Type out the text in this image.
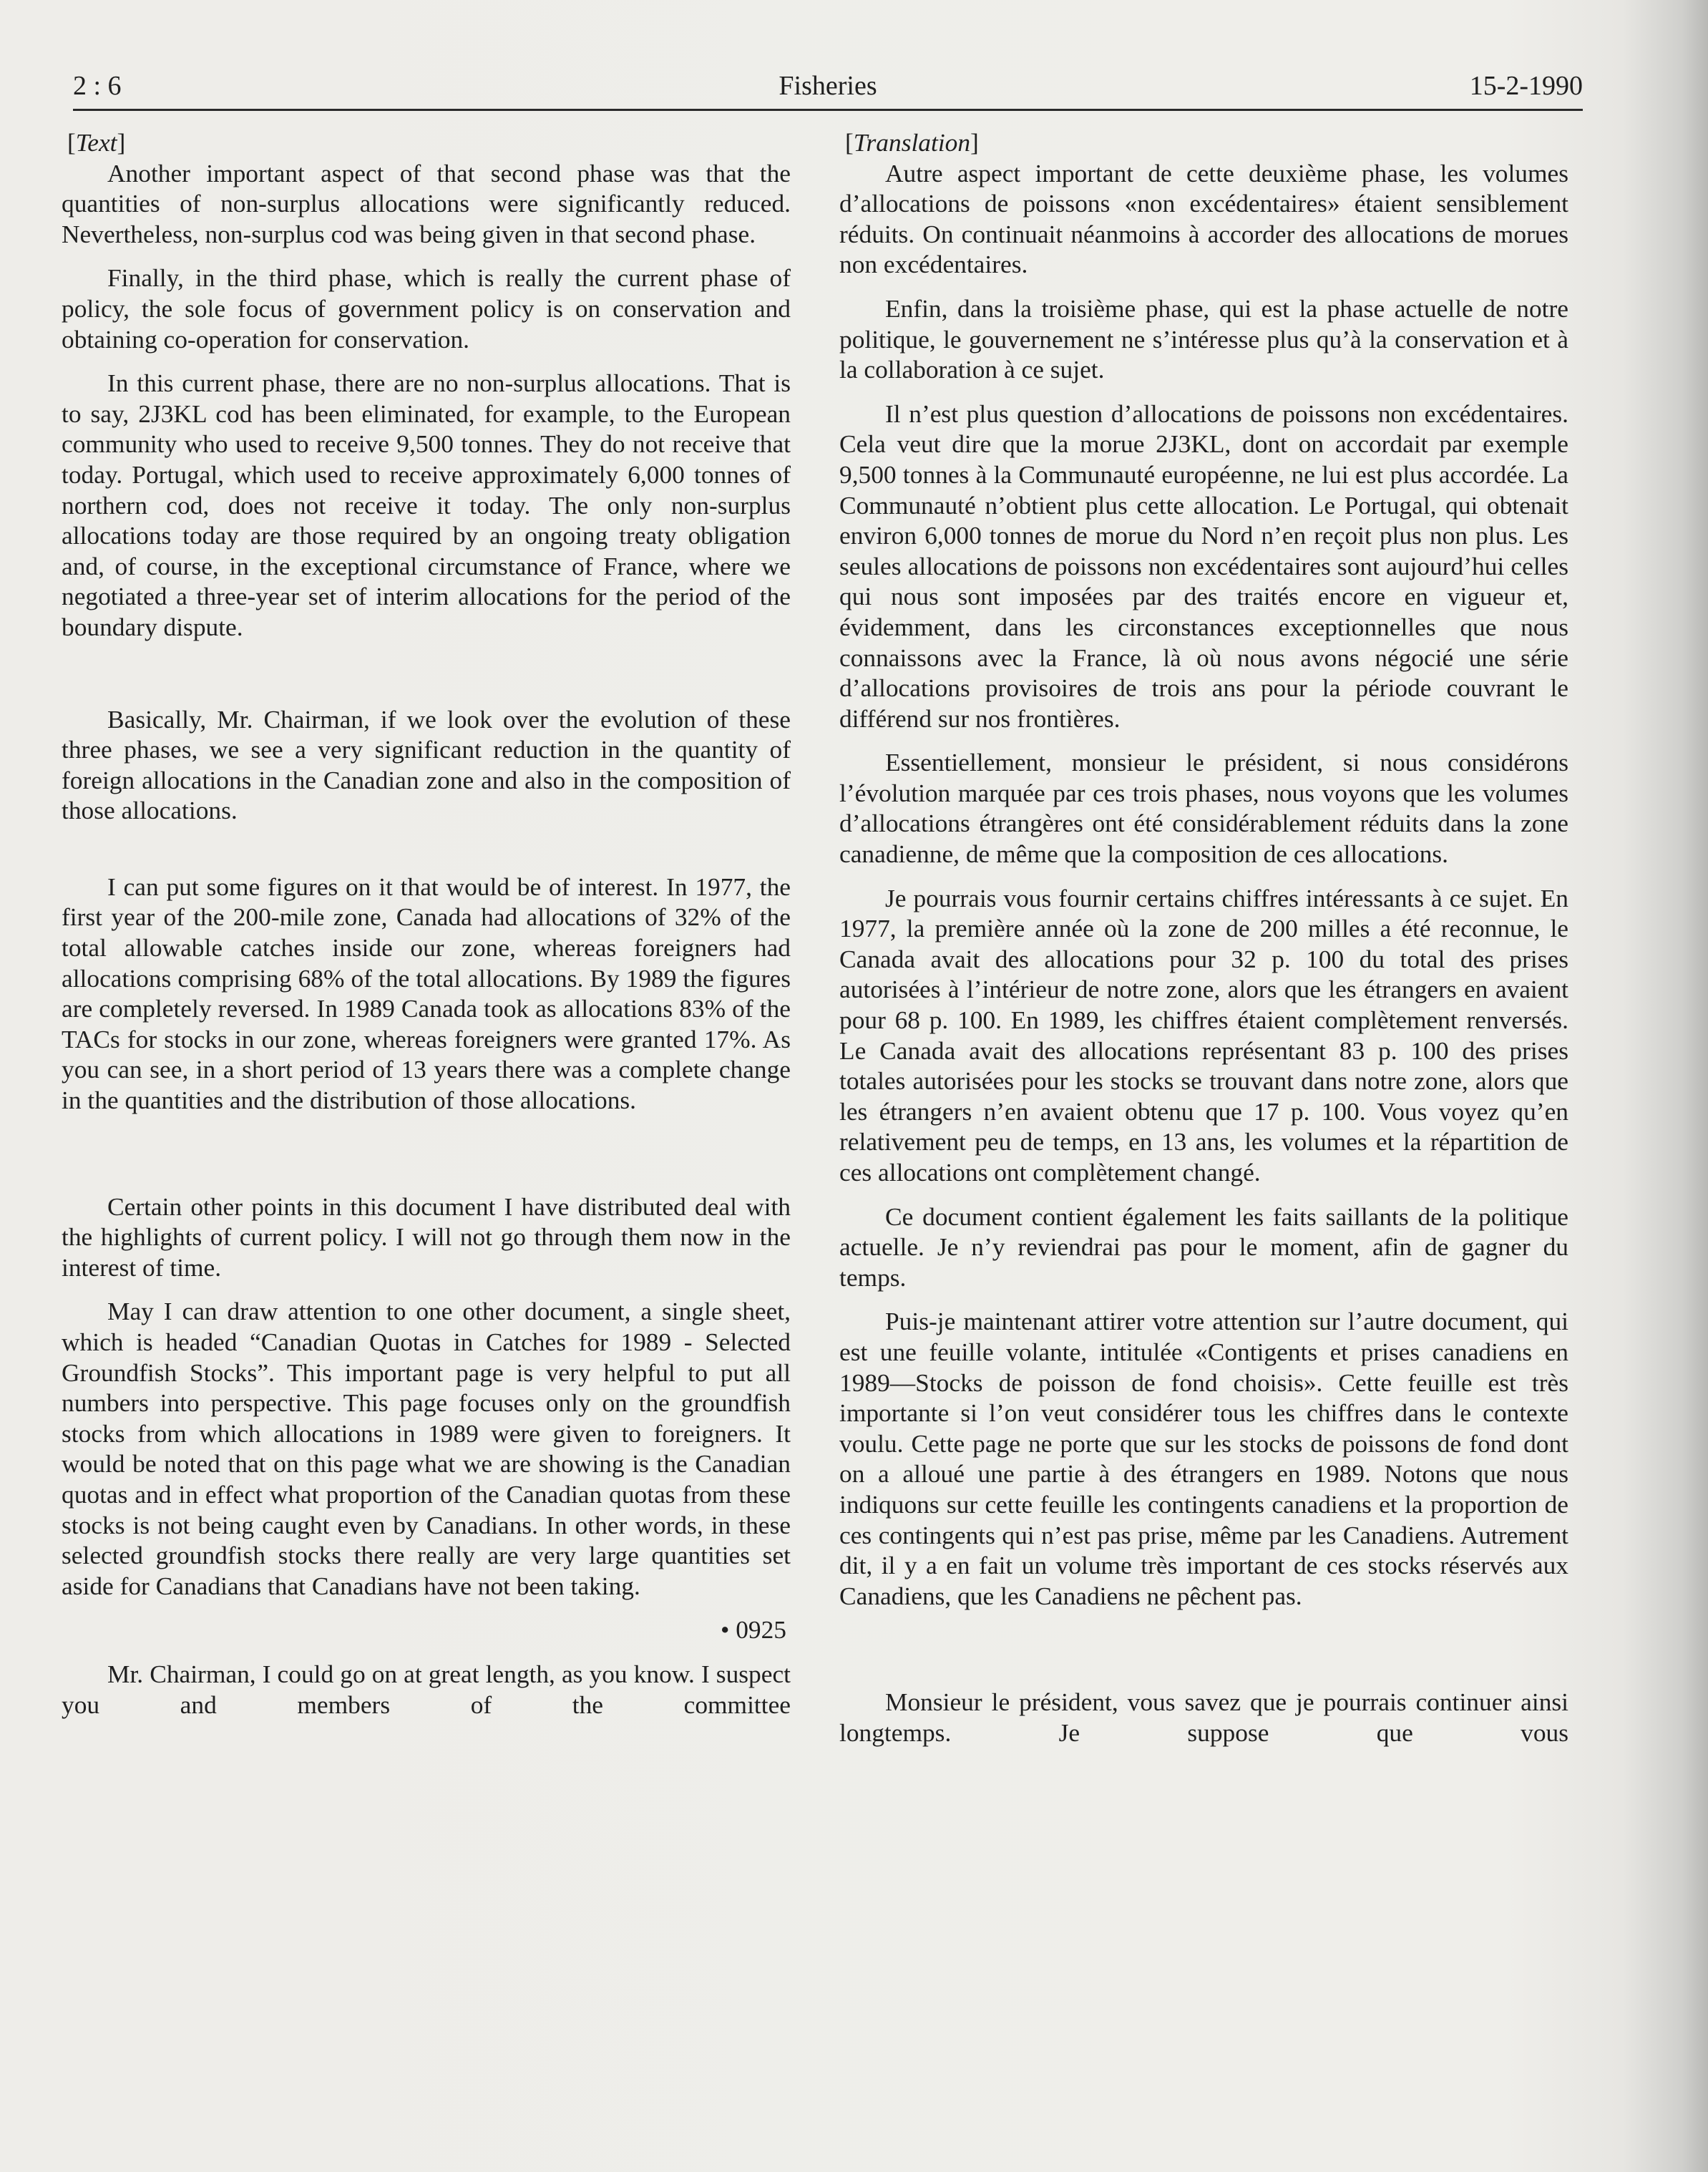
2 : 6	Fisheries	15-2-1990
[Text]

Another important aspect of that second phase was that the quantities of non-surplus allocations were significantly reduced. Nevertheless, non-surplus cod was being given in that second phase.

Finally, in the third phase, which is really the current phase of policy, the sole focus of government policy is on conservation and obtaining co-operation for conservation.

In this current phase, there are no non-surplus allocations. That is to say, 2J3KL cod has been eliminated, for example, to the European community who used to receive 9,500 tonnes. They do not receive that today. Portugal, which used to receive approximately 6,000 tonnes of northern cod, does not receive it today. The only non-surplus allocations today are those required by an ongoing treaty obligation and, of course, in the exceptional circumstance of France, where we negotiated a three-year set of interim allocations for the period of the boundary dispute.

Basically, Mr. Chairman, if we look over the evolution of these three phases, we see a very significant reduction in the quantity of foreign allocations in the Canadian zone and also in the composition of those allocations.

I can put some figures on it that would be of interest. In 1977, the first year of the 200-mile zone, Canada had allocations of 32% of the total allowable catches inside our zone, whereas foreigners had allocations comprising 68% of the total allocations. By 1989 the figures are completely reversed. In 1989 Canada took as allocations 83% of the TACs for stocks in our zone, whereas foreigners were granted 17%. As you can see, in a short period of 13 years there was a complete change in the quantities and the distribution of those allocations.

Certain other points in this document I have distributed deal with the highlights of current policy. I will not go through them now in the interest of time.

May I can draw attention to one other document, a single sheet, which is headed “Canadian Quotas in Catches for 1989 - Selected Groundfish Stocks”. This important page is very helpful to put all numbers into perspective. This page focuses only on the groundfish stocks from which allocations in 1989 were given to foreigners. It would be noted that on this page what we are showing is the Canadian quotas and in effect what proportion of the Canadian quotas from these stocks is not being caught even by Canadians. In other words, in these selected groundfish stocks there really are very large quantities set aside for Canadians that Canadians have not been taking.

• 0925

Mr. Chairman, I could go on at great length, as you know. I suspect you and members of the committee

[Translation]

Autre aspect important de cette deuxième phase, les volumes d’allocations de poissons «non excédentaires» étaient sensiblement réduits. On continuait néanmoins à accorder des allocations de morues non excédentaires.

Enfin, dans la troisième phase, qui est la phase actuelle de notre politique, le gouvernement ne s’intéresse plus qu’à la conservation et à la collaboration à ce sujet.

Il n’est plus question d’allocations de poissons non excédentaires. Cela veut dire que la morue 2J3KL, dont on accordait par exemple 9,500 tonnes à la Communauté européenne, ne lui est plus accordée. La Communauté n’obtient plus cette allocation. Le Portugal, qui obtenait environ 6,000 tonnes de morue du Nord n’en reçoit plus non plus. Les seules allocations de poissons non excédentaires sont aujourd’hui celles qui nous sont imposées par des traités encore en vigueur et, évidemment, dans les circonstances exceptionnelles que nous connaissons avec la France, là où nous avons négocié une série d’allocations provisoires de trois ans pour la période couvrant le différend sur nos frontières.

Essentiellement, monsieur le président, si nous considérons l’évolution marquée par ces trois phases, nous voyons que les volumes d’allocations étrangères ont été considérablement réduits dans la zone canadienne, de même que la composition de ces allocations.

Je pourrais vous fournir certains chiffres intéressants à ce sujet. En 1977, la première année où la zone de 200 milles a été reconnue, le Canada avait des allocations pour 32 p. 100 du total des prises autorisées à l’intérieur de notre zone, alors que les étrangers en avaient pour 68 p. 100. En 1989, les chiffres étaient complètement renversés. Le Canada avait des allocations représentant 83 p. 100 des prises totales autorisées pour les stocks se trouvant dans notre zone, alors que les étrangers n’en avaient obtenu que 17 p. 100. Vous voyez qu’en relativement peu de temps, en 13 ans, les volumes et la répartition de ces allocations ont complètement changé.

Ce document contient également les faits saillants de la politique actuelle. Je n’y reviendrai pas pour le moment, afin de gagner du temps.

Puis-je maintenant attirer votre attention sur l’autre document, qui est une feuille volante, intitulée «Contigents et prises canadiens en 1989—Stocks de poisson de fond choisis». Cette feuille est très importante si l’on veut considérer tous les chiffres dans le contexte voulu. Cette page ne porte que sur les stocks de poissons de fond dont on a alloué une partie à des étrangers en 1989. Notons que nous indiquons sur cette feuille les contingents canadiens et la proportion de ces contingents qui n’est pas prise, même par les Canadiens. Autrement dit, il y a en fait un volume très important de ces stocks réservés aux Canadiens, que les Canadiens ne pêchent pas.

Monsieur le président, vous savez que je pourrais continuer ainsi longtemps. Je suppose que vous
